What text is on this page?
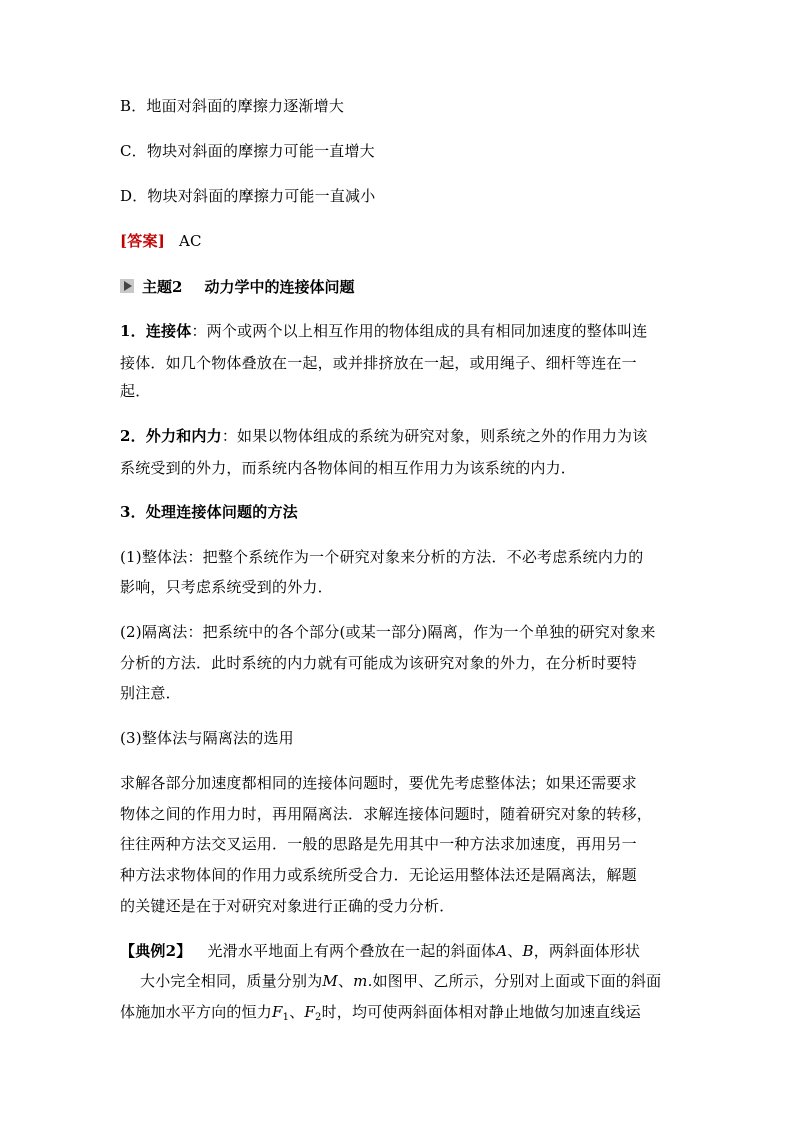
B．地面对斜面的摩擦力逐渐增大
C．物块对斜面的摩擦力可能一直增大
D．物块对斜面的摩擦力可能一直减小
[答案] AC
主题2 动力学中的连接体问题
1．连接体：两个或两个以上相互作用的物体组成的具有相同加速度的整体叫连
接体．如几个物体叠放在一起，或并排挤放在一起，或用绳子、细杆等连在一
起．
2．外力和内力：如果以物体组成的系统为研究对象，则系统之外的作用力为该
系统受到的外力，而系统内各物体间的相互作用力为该系统的内力．
3．处理连接体问题的方法
(1)整体法：把整个系统作为一个研究对象来分析的方法．不必考虑系统内力的
影响，只考虑系统受到的外力．
(2)隔离法：把系统中的各个部分(或某一部分)隔离，作为一个单独的研究对象来
分析的方法．此时系统的内力就有可能成为该研究对象的外力，在分析时要特
别注意．
(3)整体法与隔离法的选用
求解各部分加速度都相同的连接体问题时，要优先考虑整体法；如果还需要求
物体之间的作用力时，再用隔离法．求解连接体问题时，随着研究对象的转移，
往往两种方法交叉运用．一般的思路是先用其中一种方法求加速度，再用另一
种方法求物体间的作用力或系统所受合力．无论运用整体法还是隔离法，解题
的关键还是在于对研究对象进行正确的受力分析．
【典例2】 光滑水平地面上有两个叠放在一起的斜面体A、B，两斜面体形状
大小完全相同，质量分别为M、m.如图甲、乙所示，分别对上面或下面的斜面
体施加水平方向的恒力$F_1$、$F_2$时，均可使两斜面体相对静止地做匀加速直线运
